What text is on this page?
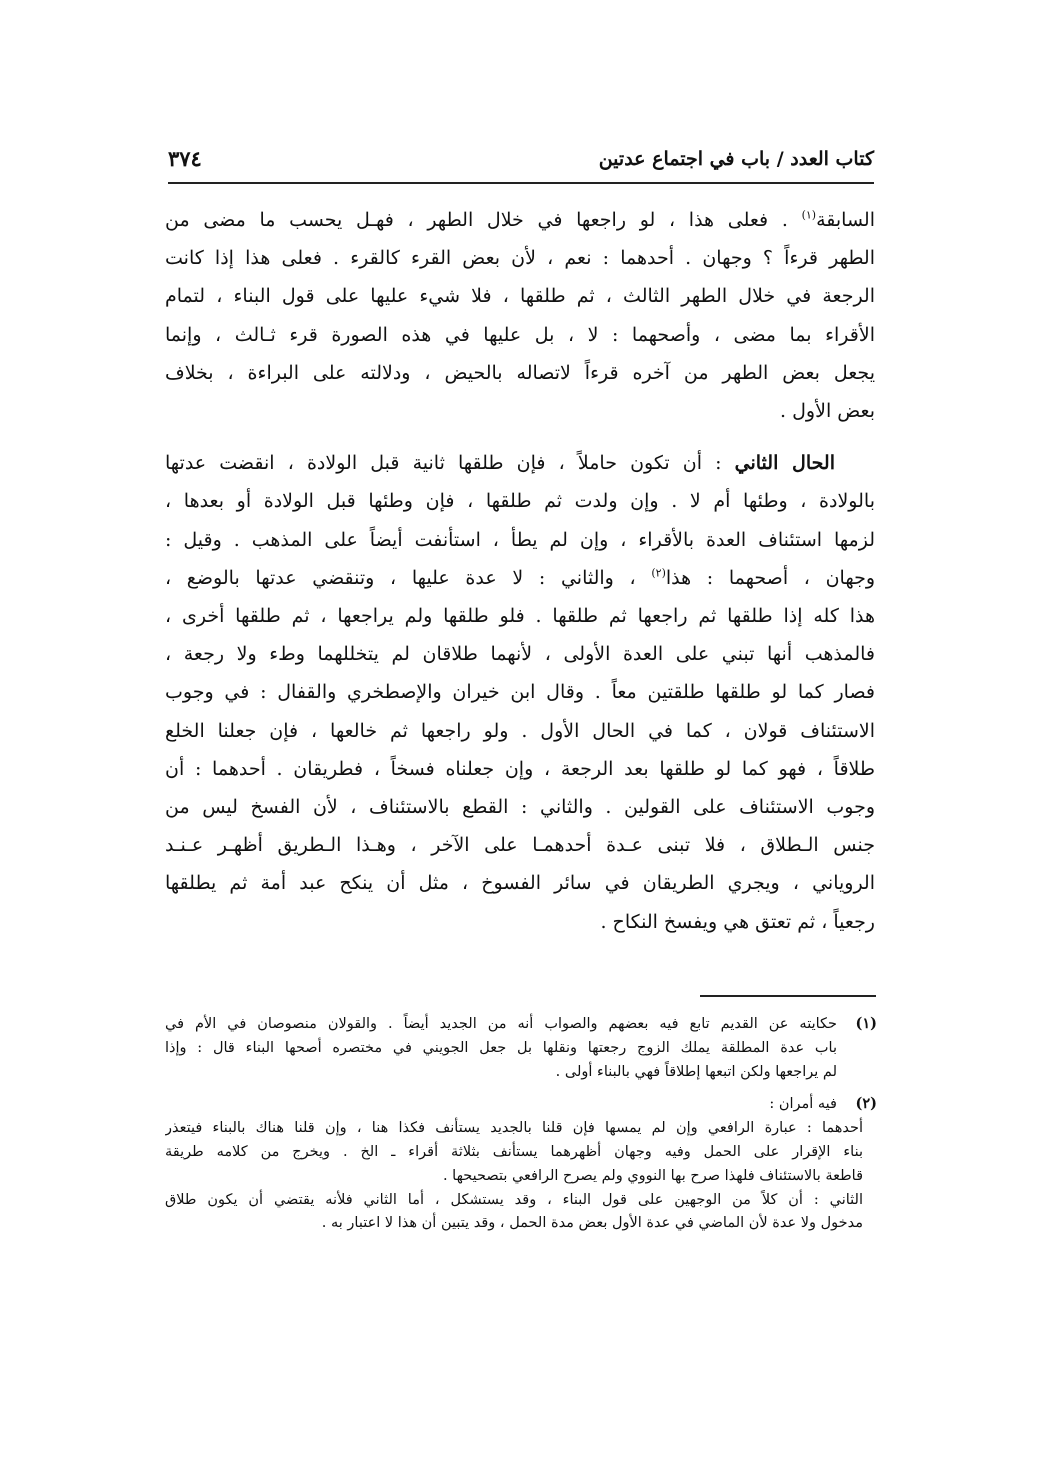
كتاب العدد / باب في اجتماع عدتين
٣٧٤
السابقة$^{(١)}$ . فعلى هذا ، لو راجعها في خلال الطهر ، فهـل يحسب ما مضى من
الطهر قرءاً ؟ وجهان . أحدهما : نعم ، لأن بعض القرء كالقرء . فعلى هذا إذا كانت
الرجعة في خلال الطهر الثالث ، ثم طلقها ، فلا شيء عليها على قول البناء ، لتمام
الأقراء بما مضى ، وأصحهما : لا ، بل عليها في هذه الصورة قرء ثـالث ، وإنما
يجعل بعض الطهر من آخره قرءاً لاتصاله بالحيض ، ودلالته على البراءة ، بخلاف
بعض الأول .
الحال الثاني : أن تكون حاملاً ، فإن طلقها ثانية قبل الولادة ، انقضت عدتها
بالولادة ، وطئها أم لا . وإن ولدت ثم طلقها ، فإن وطئها قبل الولادة أو بعدها ،
لزمها استئناف العدة بالأقراء ، وإن لم يطأ ، استأنفت أيضاً على المذهب . وقيل :
وجهان ، أصحهما : هذا$^{(٢)}$ ، والثاني : لا عدة عليها ، وتنقضي عدتها بالوضع ،
هذا كله إذا طلقها ثم راجعها ثم طلقها . فلو طلقها ولم يراجعها ، ثم طلقها أخرى ،
فالمذهب أنها تبني على العدة الأولى ، لأنهما طلاقان لم يتخللهما وطء ولا رجعة ،
فصار كما لو طلقها طلقتين معاً . وقال ابن خيران والإصطخري والقفال : في وجوب
الاستئناف قولان ، كما في الحال الأول . ولو راجعها ثم خالعها ، فإن جعلنا الخلع
طلاقاً ، فهو كما لو طلقها بعد الرجعة ، وإن جعلناه فسخاً ، فطريقان . أحدهما : أن
وجوب الاستئناف على القولين . والثاني : القطع بالاستئناف ، لأن الفسخ ليس من
جنس الـطلاق ، فلا تبنى عـدة أحدهمـا على الآخر ، وهـذا الـطريق أظهـر عـنـد
الروياني ، ويجري الطريقان في سائر الفسوخ ، مثل أن ينكح عبد أمة ثم يطلقها
رجعياً ، ثم تعتق هي ويفسخ النكاح .
(١)حكايته عن القديم تابع فيه بعضهم والصواب أنه من الجديد أيضاً . والقولان منصوصان في الأم في
باب عدة المطلقة يملك الزوج رجعتها ونقلها بل جعل الجويني في مختصره أصحها البناء قال : وإذا
لم يراجعها ولكن اتبعها إطلاقاً فهي بالبناء أولى .
(٢)فيه أمران :
أحدهما : عبارة الرافعي وإن لم يمسها فإن قلنا بالجديد يستأنف فكذا هنا ، وإن قلنا هناك بالبناء فيتعذر
بناء الإقرار على الحمل وفيه وجهان أظهرهما يستأنف بثلاثة أقراء ـ الخ . ويخرج من كلامه طريقة
قاطعة بالاستئناف فلهذا صرح بها النووي ولم يصرح الرافعي بتصحيحها .
الثاني : أن كلاً من الوجهين على قول البناء ، وقد يستشكل ، أما الثاني فلأنه يقتضي أن يكون طلاق
مدخول ولا عدة لأن الماضي في عدة الأول بعض مدة الحمل ، وقد يتبين أن هذا لا اعتبار به .
